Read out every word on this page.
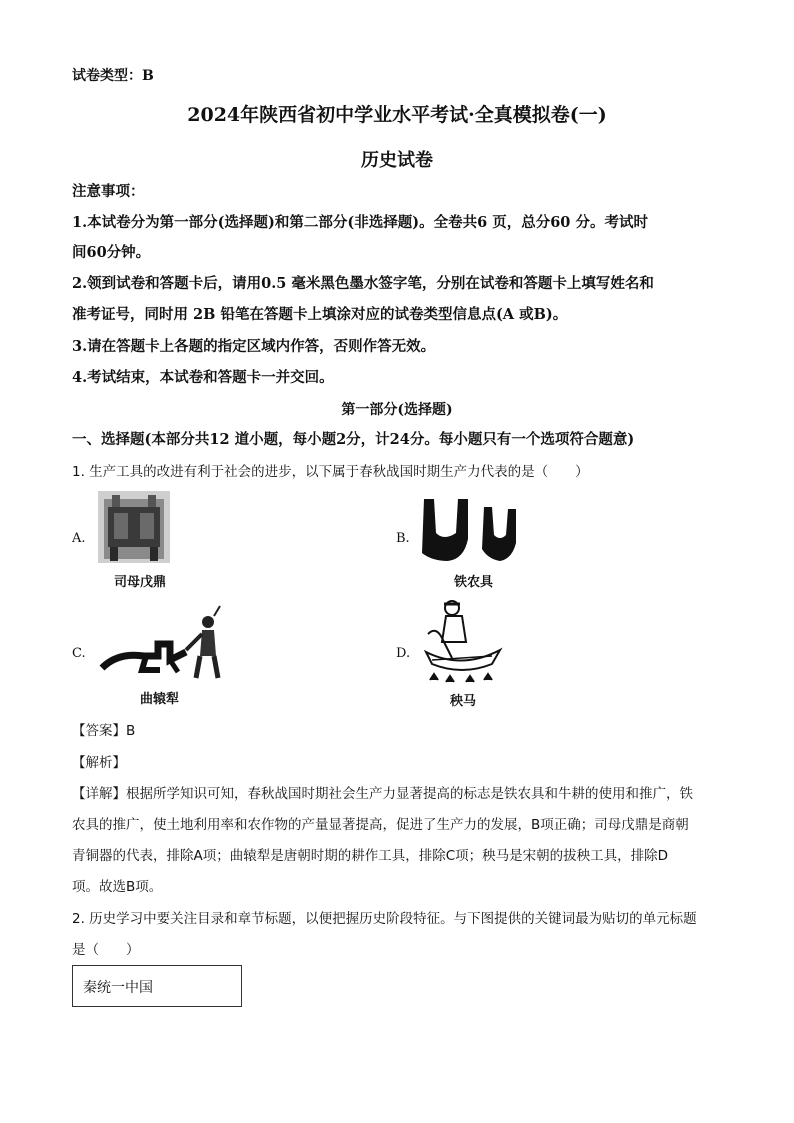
试卷类型：B
2024年陕西省初中学业水平考试·全真模拟卷(一)
历史试卷
注意事项：
1.本试卷分为第一部分(选择题)和第二部分(非选择题)。全卷共6 页，总分60 分。考试时
间60分钟。
2.领到试卷和答题卡后，请用0.5 毫米黑色墨水签字笔，分别在试卷和答题卡上填写姓名和
准考证号，同时用 2B 铅笔在答题卡上填涂对应的试卷类型信息点(A 或B)。
3.请在答题卡上各题的指定区域内作答，否则作答无效。
4.考试结束，本试卷和答题卡一并交回。
第一部分(选择题)
一、选择题(本部分共12 道小题，每小题2分，计24分。每小题只有一个选项符合题意)
1. 生产工具的改进有利于社会的进步，以下属于春秋战国时期生产力代表的是（　　）
A.
司母戊鼎
B.
铁农具
C.
曲辕犁
D.
秧马
【答案】B
【解析】
【详解】根据所学知识可知，春秋战国时期社会生产力显著提高的标志是铁农具和牛耕的使用和推广，铁
农具的推广，使土地利用率和农作物的产量显著提高，促进了生产力的发展，B项正确；司母戊鼎是商朝
青铜器的代表，排除A项；曲辕犁是唐朝时期的耕作工具，排除C项；秧马是宋朝的拔秧工具，排除D
项。故选B项。
2. 历史学习中要关注目录和章节标题，以便把握历史阶段特征。与下图提供的关键词最为贴切的单元标题
是（　　）
秦统一中国
